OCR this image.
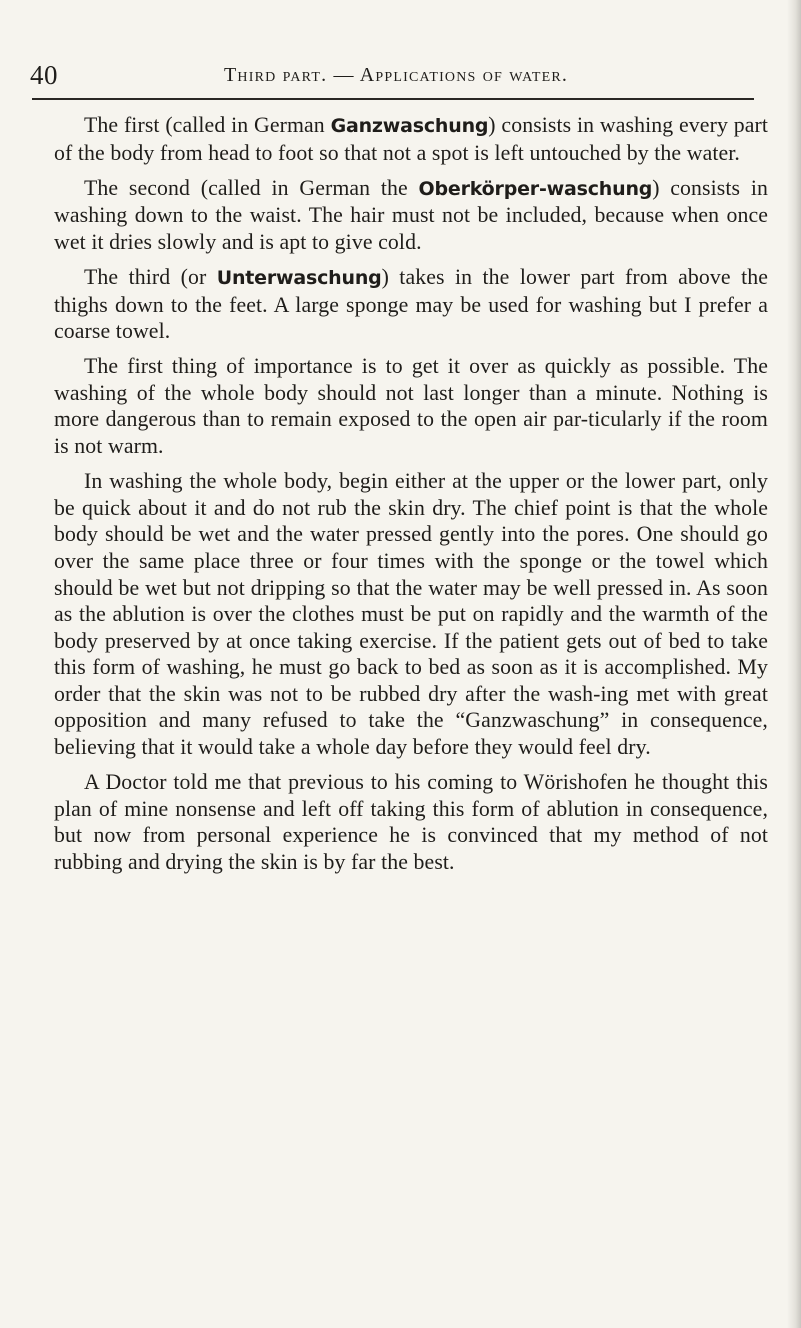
40	Third part. — Applications of water.

The first (called in German Ganzwaschung) consists in washing every part of the body from head to foot so that not a spot is left untouched by the water.

The second (called in German the Oberkörper-waschung) consists in washing down to the waist. The hair must not be included, because when once wet it dries slowly and is apt to give cold.

The third (or Unterwaschung) takes in the lower part from above the thighs down to the feet. A large sponge may be used for washing but I prefer a coarse towel.

The first thing of importance is to get it over as quickly as possible. The washing of the whole body should not last longer than a minute. Nothing is more dangerous than to remain exposed to the open air par-ticularly if the room is not warm.

In washing the whole body, begin either at the upper or the lower part, only be quick about it and do not rub the skin dry. The chief point is that the whole body should be wet and the water pressed gently into the pores. One should go over the same place three or four times with the sponge or the towel which should be wet but not dripping so that the water may be well pressed in. As soon as the ablution is over the clothes must be put on rapidly and the warmth of the body preserved by at once taking exercise. If the patient gets out of bed to take this form of washing, he must go back to bed as soon as it is accomplished. My order that the skin was not to be rubbed dry after the wash-ing met with great opposition and many refused to take the “Ganzwaschung” in consequence, believing that it would take a whole day before they would feel dry.

A Doctor told me that previous to his coming to Wörishofen he thought this plan of mine nonsense and left off taking this form of ablution in consequence, but now from personal experience he is convinced that my method of not rubbing and drying the skin is by far the best.
